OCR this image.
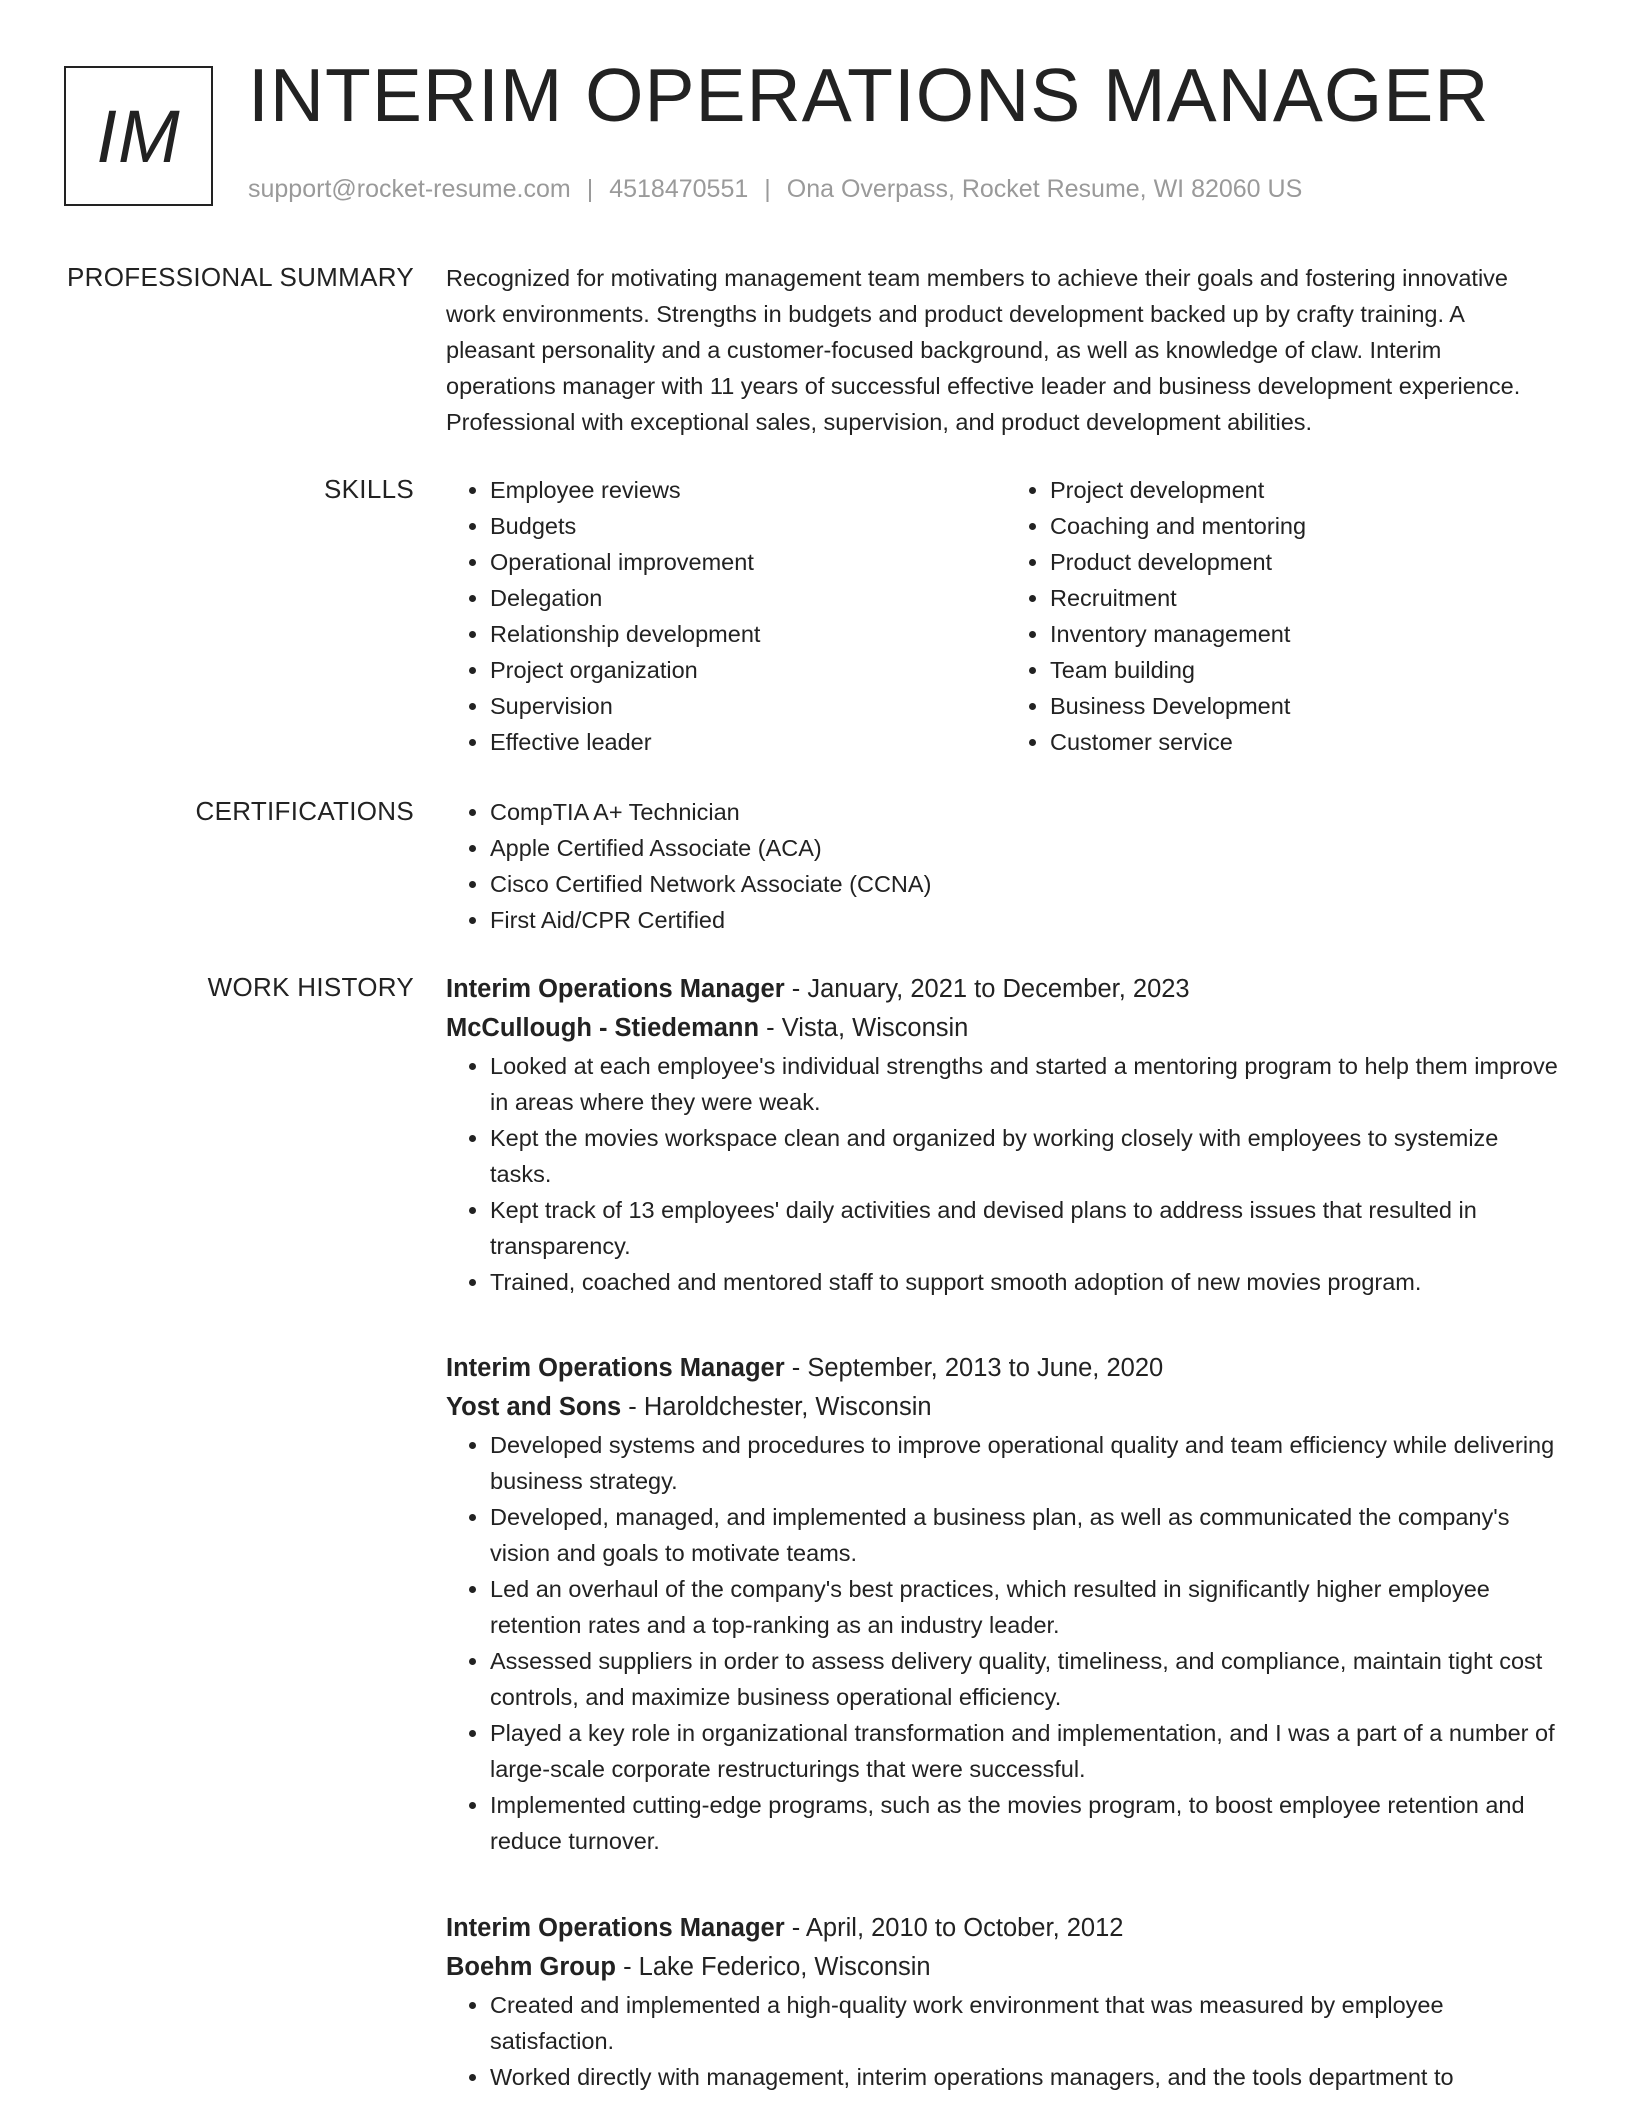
IM INTERIM OPERATIONS MANAGER
support@rocket-resume.com | 4518470551 | Ona Overpass, Rocket Resume, WI 82060 US
PROFESSIONAL SUMMARY Recognized for motivating management team members to achieve their goals and fostering innovative work environments. Strengths in budgets and product development backed up by crafty training. A pleasant personality and a customer-focused background, as well as knowledge of claw. Interim operations manager with 11 years of successful effective leader and business development experience. Professional with exceptional sales, supervision, and product development abilities.
SKILLS	• Employee reviews
• Budgets
• Operational improvement
• Delegation
• Relationship development
• Project organization
• Supervision
• Effective leader
• Project development
• Coaching and mentoring
• Product development
• Recruitment
• Inventory management
• Team building
• Business Development
• Customer service
CERTIFICATIONS	• CompTIA A+ Technician
• Apple Certified Associate (ACA)
• Cisco Certified Network Associate (CCNA)
• First Aid/CPR Certified
WORK HISTORY Interim Operations Manager - January, 2021 to December, 2023
McCullough - Stiedemann - Vista, Wisconsin
• Looked at each employee's individual strengths and started a mentoring program to help them improve in areas where they were weak.
• Kept the movies workspace clean and organized by working closely with employees to systemize tasks.
• Kept track of 13 employees' daily activities and devised plans to address issues that resulted in transparency.
• Trained, coached and mentored staff to support smooth adoption of new movies program.
Interim Operations Manager - September, 2013 to June, 2020
Yost and Sons - Haroldchester, Wisconsin
• Developed systems and procedures to improve operational quality and team efficiency while delivering business strategy.
• Developed, managed, and implemented a business plan, as well as communicated the company's vision and goals to motivate teams.
• Led an overhaul of the company's best practices, which resulted in significantly higher employee retention rates and a top-ranking as an industry leader.
• Assessed suppliers in order to assess delivery quality, timeliness, and compliance, maintain tight cost controls, and maximize business operational efficiency.
• Played a key role in organizational transformation and implementation, and I was a part of a number of large-scale corporate restructurings that were successful.
• Implemented cutting-edge programs, such as the movies program, to boost employee retention and reduce turnover.
Interim Operations Manager - April, 2010 to October, 2012
Boehm Group - Lake Federico, Wisconsin
• Created and implemented a high-quality work environment that was measured by employee satisfaction.
• Worked directly with management, interim operations managers, and the tools department to
